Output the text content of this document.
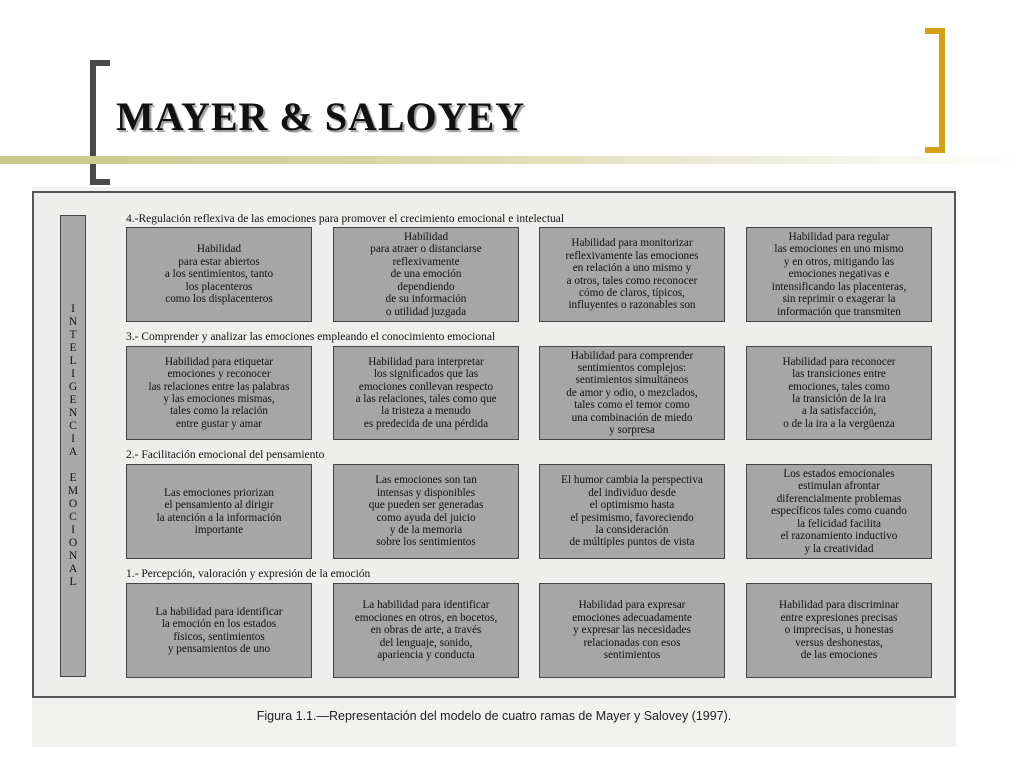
MAYER & SALOYEY
I
N
T
E
L
I
G
E
N
C
I
A
E
M
O
C
I
O
N
A
L
4.-Regulación reflexiva de las emociones para promover el crecimiento emocional e intelectual
Habilidad
para estar abiertos
a los sentimientos, tanto
los placenteros
como los displacenteros
Habilidad
para atraer o distanciarse
reflexivamente
de una emoción
dependiendo
de su información
o utilidad juzgada
Habilidad para monitorizar
reflexivamente las emociones
en relación a uno mismo y
a otros, tales como reconocer
cómo de claros, típicos,
influyentes o razonables son
Habilidad para regular
las emociones en uno mismo
y en otros, mitigando las
emociones negativas e
intensificando las placenteras,
sin reprimir o exagerar la
información que transmiten
3.- Comprender y analizar las emociones empleando el conocimiento emocional
Habilidad para etiquetar
emociones y reconocer
las relaciones entre las palabras
y las emociones mismas,
tales como la relación
entre gustar y amar
Habilidad para interpretar
los significados que las
emociones conllevan respecto
a las relaciones, tales como que
la tristeza a menudo
es predecida de una pérdida
Habilidad para comprender
sentimientos complejos:
sentimientos simultáneos
de amor y odio, o mezclados,
tales como el temor como
una combinación de miedo
y sorpresa
Habilidad para reconocer
las transiciones entre
emociones, tales como
la transición de la ira
a la satisfacción,
o de la ira a la vergüenza
2.- Facilitación emocional del pensamiento
Las emociones priorizan
el pensamiento al dirigir
la atención a la información
importante
Las emociones son tan
intensas y disponibles
que pueden ser generadas
como ayuda del juicio
y de la memoria
sobre los sentimientos
El humor cambia la perspectiva
del individuo desde
el optimismo hasta
el pesimismo, favoreciendo
la consideración
de múltiples puntos de vista
Los estados emocionales
estimulan afrontar
diferencialmente problemas
específicos tales como cuando
la felicidad facilita
el razonamiento inductivo
y la creatividad
1.- Percepción, valoración y expresión de la emoción
La habilidad para identificar
la emoción en los estados
físicos, sentimientos
y pensamientos de uno
La habilidad para identificar
emociones en otros, en bocetos,
en obras de arte, a través
del lenguaje, sonido,
apariencia y conducta
Habilidad para expresar
emociones adecuadamente
y expresar las necesidades
relacionadas con esos
sentimientos
Habilidad para discriminar
entre expresiones precisas
o imprecisas, u honestas
versus deshonestas,
de las emociones
Figura 1.1.—Representación del modelo de cuatro ramas de Mayer y Salovey (1997).
